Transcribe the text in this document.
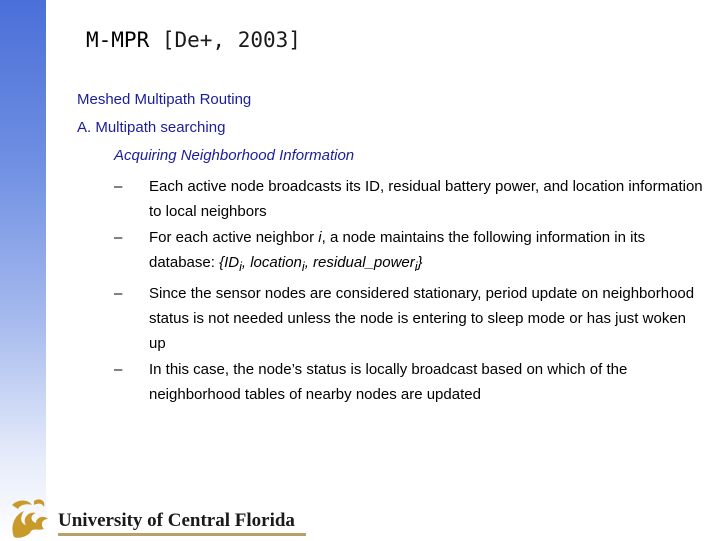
M-MPR [De+, 2003]
Meshed Multipath Routing
A. Multipath searching
Acquiring Neighborhood Information
– Each active node broadcasts its ID, residual battery power, and location information to local neighbors
– For each active neighbor i, a node maintains the following information in its database: {$ID_i$, location$_i$, residual_power$_i$}
– Since the sensor nodes are considered stationary, period update on neighborhood status is not needed unless the node is entering to sleep mode or has just woken up
– In this case, the node’s status is locally broadcast based on which of the neighborhood tables of nearby nodes are updated
University of Central Florida
